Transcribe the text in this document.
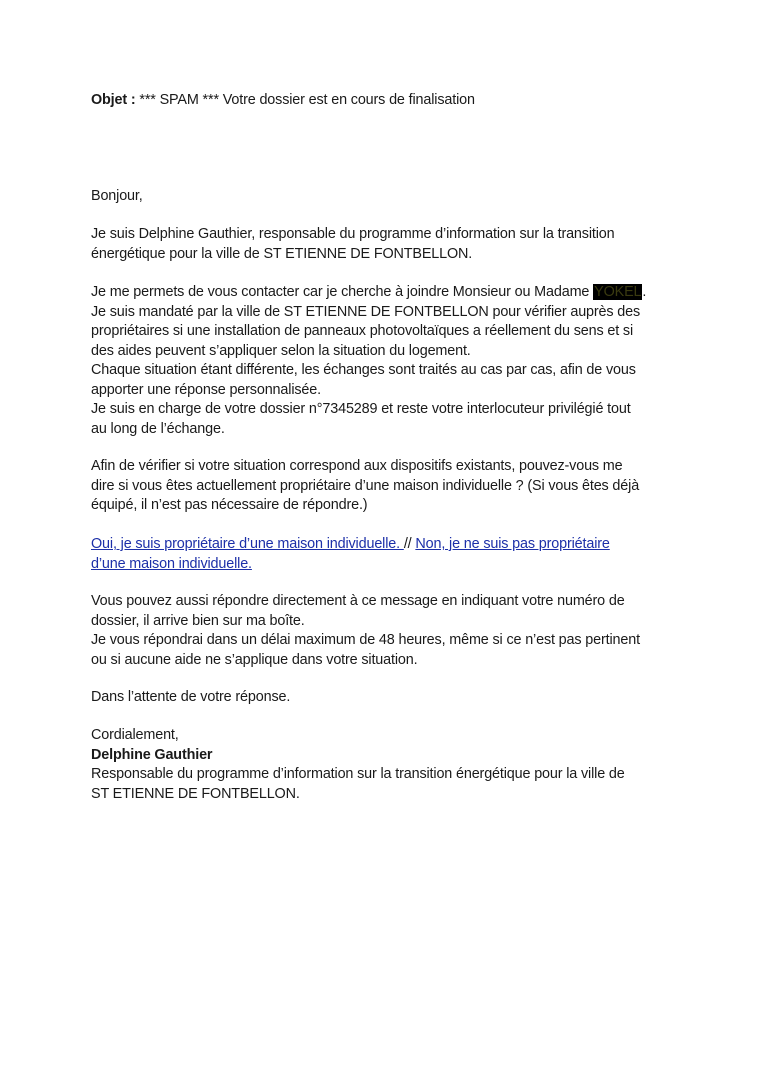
Objet : *** SPAM *** Votre dossier est en cours de finalisation
Bonjour,
Je suis Delphine Gauthier, responsable du programme d’information sur la transition
énergétique pour la ville de ST ETIENNE DE FONTBELLON.
Je me permets de vous contacter car je cherche à joindre Monsieur ou Madame YOKEL.
Je suis mandaté par la ville de ST ETIENNE DE FONTBELLON pour vérifier auprès des
propriétaires si une installation de panneaux photovoltaïques a réellement du sens et si
des aides peuvent s’appliquer selon la situation du logement.
Chaque situation étant différente, les échanges sont traités au cas par cas, afin de vous
apporter une réponse personnalisée.
Je suis en charge de votre dossier n°7345289 et reste votre interlocuteur privilégié tout
au long de l’échange.
Afin de vérifier si votre situation correspond aux dispositifs existants, pouvez-vous me
dire si vous êtes actuellement propriétaire d’une maison individuelle ? (Si vous êtes déjà
équipé, il n’est pas nécessaire de répondre.)
Oui, je suis propriétaire d’une maison individuelle. // Non, je ne suis pas propriétaire
d’une maison individuelle.
Vous pouvez aussi répondre directement à ce message en indiquant votre numéro de
dossier, il arrive bien sur ma boîte.
Je vous répondrai dans un délai maximum de 48 heures, même si ce n’est pas pertinent
ou si aucune aide ne s’applique dans votre situation.
Dans l’attente de votre réponse.
Cordialement,
Delphine Gauthier
Responsable du programme d’information sur la transition énergétique pour la ville de
ST ETIENNE DE FONTBELLON.
